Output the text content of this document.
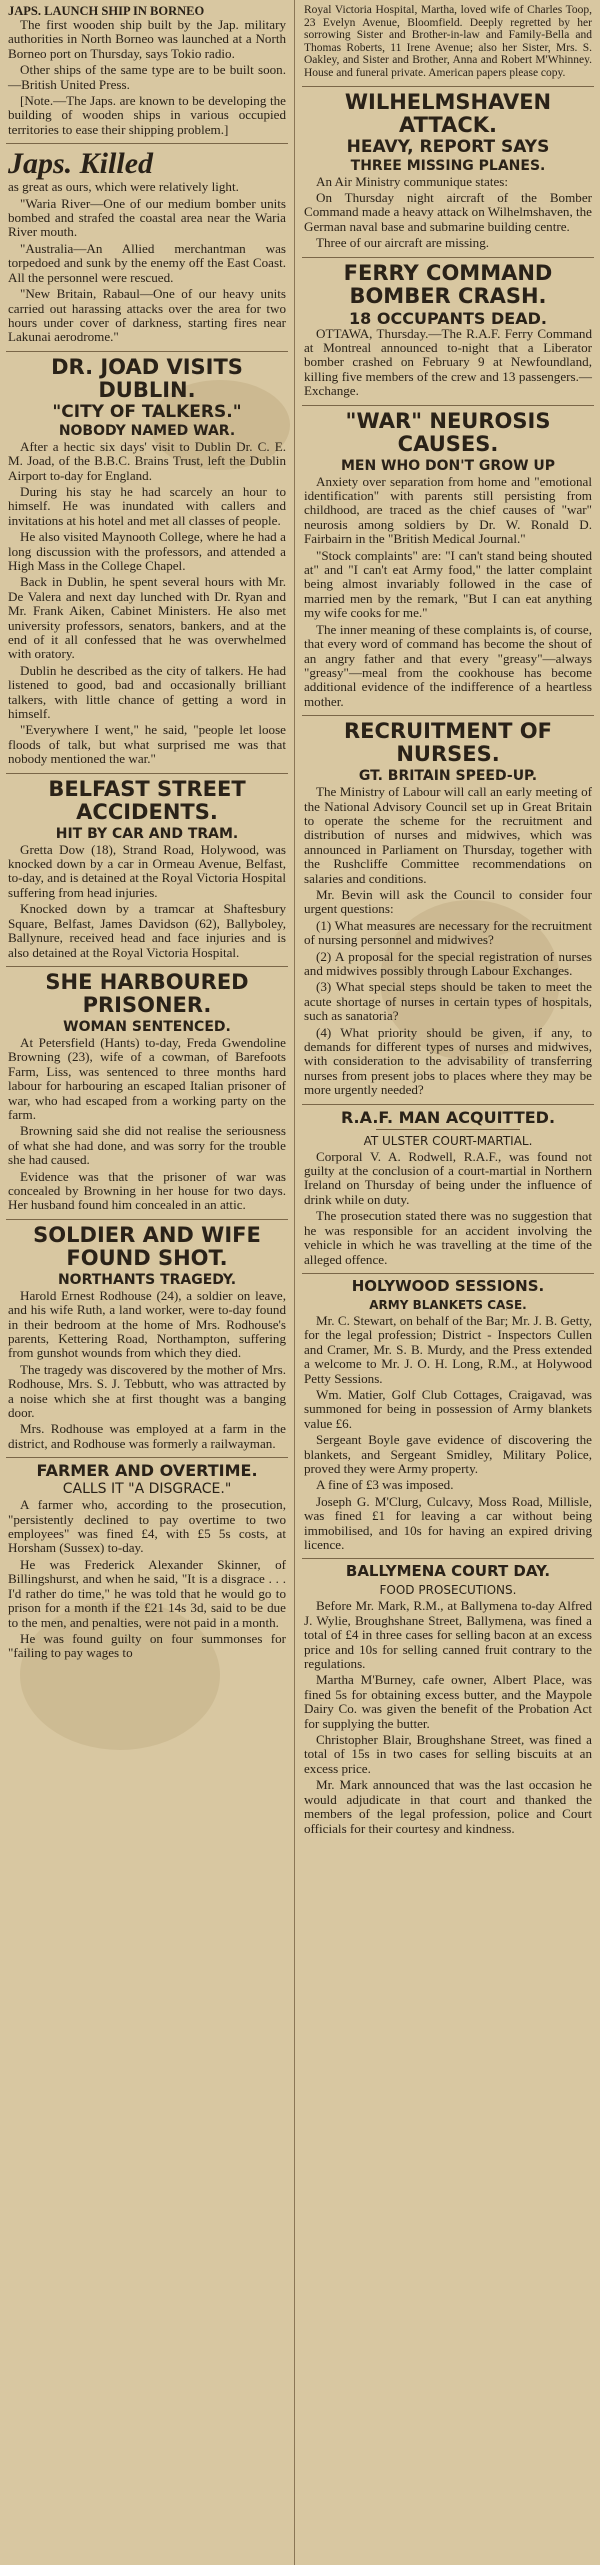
JAPS. LAUNCH SHIP IN BORNEO

The first wooden ship built by the Jap. military authorities in North Borneo was launched at a North Borneo port on Thursday, says Tokio radio.

Other ships of the same type are to be built soon.—British United Press.

[Note.—The Japs. are known to be developing the building of wooden ships in various occupied territories to ease their shipping problem.]

Japs. Killed

as great as ours, which were relatively light.

"Waria River—One of our medium bomber units bombed and strafed the coastal area near the Waria River mouth.

"Australia—An Allied merchantman was torpedoed and sunk by the enemy off the East Coast. All the personnel were rescued.

"New Britain, Rabaul—One of our heavy units carried out harassing attacks over the area for two hours under cover of darkness, starting fires near Lakunai aerodrome."

DR. JOAD VISITS DUBLIN.
"CITY OF TALKERS."
NOBODY NAMED WAR.

After a hectic six days' visit to Dublin Dr. C. E. M. Joad, of the B.B.C. Brains Trust, left the Dublin Airport to-day for England.

During his stay he had scarcely an hour to himself. He was inundated with callers and invitations at his hotel and met all classes of people.

He also visited Maynooth College, where he had a long discussion with the professors, and attended a High Mass in the College Chapel.

Back in Dublin, he spent several hours with Mr. De Valera and next day lunched with Dr. Ryan and Mr. Frank Aiken, Cabinet Ministers. He also met university professors, senators, bankers, and at the end of it all confessed that he was overwhelmed with oratory.

Dublin he described as the city of talkers. He had listened to good, bad and occasionally brilliant talkers, with little chance of getting a word in himself.

"Everywhere I went," he said, "people let loose floods of talk, but what surprised me was that nobody mentioned the war."

BELFAST STREET ACCIDENTS.
HIT BY CAR AND TRAM.

Gretta Dow (18), Strand Road, Holywood, was knocked down by a car in Ormeau Avenue, Belfast, to-day, and is detained at the Royal Victoria Hospital suffering from head injuries.

Knocked down by a tramcar at Shaftesbury Square, Belfast, James Davidson (62), Ballyboley, Ballynure, received head and face injuries and is also detained at the Royal Victoria Hospital.

SHE HARBOURED PRISONER.
WOMAN SENTENCED.

At Petersfield (Hants) to-day, Freda Gwendoline Browning (23), wife of a cowman, of Barefoots Farm, Liss, was sentenced to three months hard labour for harbouring an escaped Italian prisoner of war, who had escaped from a working party on the farm.

Browning said she did not realise the seriousness of what she had done, and was sorry for the trouble she had caused.

Evidence was that the prisoner of war was concealed by Browning in her house for two days. Her husband found him concealed in an attic.

SOLDIER AND WIFE FOUND SHOT.
NORTHANTS TRAGEDY.

Harold Ernest Rodhouse (24), a soldier on leave, and his wife Ruth, a land worker, were to-day found in their bedroom at the home of Mrs. Rodhouse's parents, Kettering Road, Northampton, suffering from gunshot wounds from which they died.

The tragedy was discovered by the mother of Mrs. Rodhouse, Mrs. S. J. Tebbutt, who was attracted by a noise which she at first thought was a banging door.

Mrs. Rodhouse was employed at a farm in the district, and Rodhouse was formerly a railwayman.

FARMER AND OVERTIME.
CALLS IT "A DISGRACE."

A farmer who, according to the prosecution, "persistently declined to pay overtime to two employees" was fined £4, with £5 5s costs, at Horsham (Sussex) to-day.

He was Frederick Alexander Skinner, of Billingshurst, and when he said, "It is a disgrace . . . I'd rather do time," he was told that he would go to prison for a month if the £21 14s 3d, said to be due to the men, and penalties, were not paid in a month.

He was found guilty on four summonses for "failing to pay wages to

Royal Victoria Hospital, Martha, loved wife of Charles Toop, 23 Evelyn Avenue, Bloomfield. Deeply regretted by her sorrowing Sister and Brother-in-law and Family-Bella and Thomas Roberts, 11 Irene Avenue; also her Sister, Mrs. S. Oakley, and Sister and Brother, Anna and Robert M'Whinney. House and funeral private. American papers please copy.

WILHELMSHAVEN ATTACK.
HEAVY, REPORT SAYS
THREE MISSING PLANES.

An Air Ministry communique states:

On Thursday night aircraft of the Bomber Command made a heavy attack on Wilhelmshaven, the German naval base and submarine building centre.

Three of our aircraft are missing.

FERRY COMMAND BOMBER CRASH.
18 OCCUPANTS DEAD.

OTTAWA, Thursday.—The R.A.F. Ferry Command at Montreal announced to-night that a Liberator bomber crashed on February 9 at Newfoundland, killing five members of the crew and 13 passengers.—Exchange.

"WAR" NEUROSIS CAUSES.
MEN WHO DON'T GROW UP

Anxiety over separation from home and "emotional identification" with parents still persisting from childhood, are traced as the chief causes of "war" neurosis among soldiers by Dr. W. Ronald D. Fairbairn in the "British Medical Journal."

"Stock complaints" are: "I can't stand being shouted at" and "I can't eat Army food," the latter complaint being almost invariably followed in the case of married men by the remark, "But I can eat anything my wife cooks for me."

The inner meaning of these complaints is, of course, that every word of command has become the shout of an angry father and that every "greasy"—always "greasy"—meal from the cookhouse has become additional evidence of the indifference of a heartless mother.

RECRUITMENT OF NURSES.
GT. BRITAIN SPEED-UP.

The Ministry of Labour will call an early meeting of the National Advisory Council set up in Great Britain to operate the scheme for the recruitment and distribution of nurses and midwives, which was announced in Parliament on Thursday, together with the Rushcliffe Committee recommendations on salaries and conditions.

Mr. Bevin will ask the Council to consider four urgent questions:

(1) What measures are necessary for the recruitment of nursing personnel and midwives?

(2) A proposal for the special registration of nurses and midwives possibly through Labour Exchanges.

(3) What special steps should be taken to meet the acute shortage of nurses in certain types of hospitals, such as sanatoria?

(4) What priority should be given, if any, to demands for different types of nurses and midwives, with consideration to the advisability of transferring nurses from present jobs to places where they may be more urgently needed?

R.A.F. MAN ACQUITTED.
AT ULSTER COURT-MARTIAL.

Corporal V. A. Rodwell, R.A.F., was found not guilty at the conclusion of a court-martial in Northern Ireland on Thursday of being under the influence of drink while on duty.

The prosecution stated there was no suggestion that he was responsible for an accident involving the vehicle in which he was travelling at the time of the alleged offence.

HOLYWOOD SESSIONS.
ARMY BLANKETS CASE.

Mr. C. Stewart, on behalf of the Bar; Mr. J. B. Getty, for the legal profession; District - Inspectors Cullen and Cramer, Mr. S. B. Murdy, and the Press extended a welcome to Mr. J. O. H. Long, R.M., at Holywood Petty Sessions.

Wm. Matier, Golf Club Cottages, Craigavad, was summoned for being in possession of Army blankets value £6.

Sergeant Boyle gave evidence of discovering the blankets, and Sergeant Smidley, Military Police, proved they were Army property.

A fine of £3 was imposed.

Joseph G. M'Clurg, Culcavy, Moss Road, Millisle, was fined £1 for leaving a car without being immobilised, and 10s for having an expired driving licence.

BALLYMENA COURT DAY.
FOOD PROSECUTIONS.

Before Mr. Mark, R.M., at Ballymena to-day Alfred J. Wylie, Broughshane Street, Ballymena, was fined a total of £4 in three cases for selling bacon at an excess price and 10s for selling canned fruit contrary to the regulations.

Martha M'Burney, cafe owner, Albert Place, was fined 5s for obtaining excess butter, and the Maypole Dairy Co. was given the benefit of the Probation Act for supplying the butter.

Christopher Blair, Broughshane Street, was fined a total of 15s in two cases for selling biscuits at an excess price.

Mr. Mark announced that was the last occasion he would adjudicate in that court and thanked the members of the legal profession, police and Court officials for their courtesy and kindness.
